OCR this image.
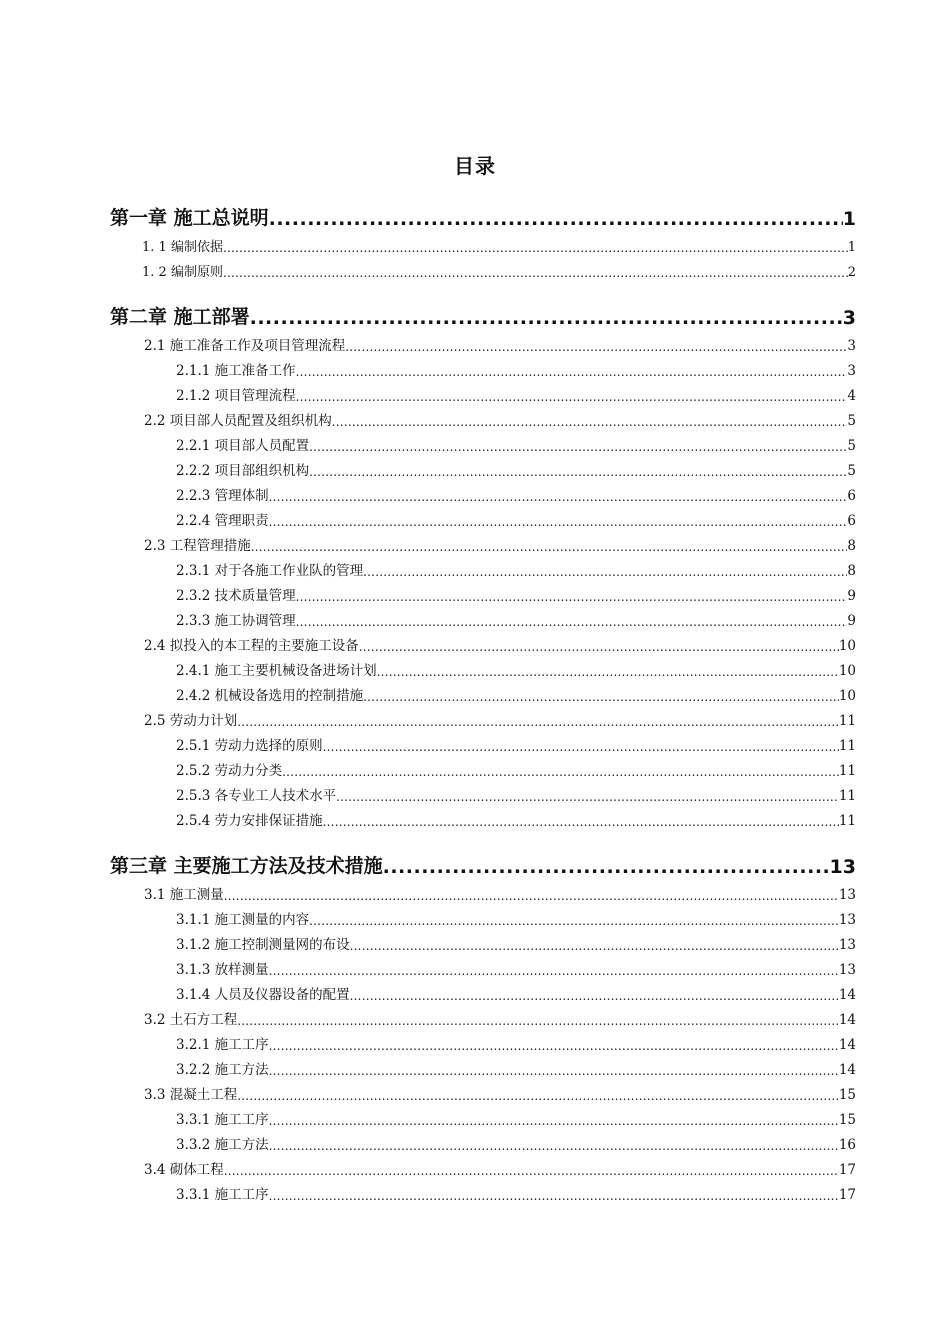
目录
第一章 施工总说明 .....	1
1. 1 编制依据 .....	1
1. 2 编制原则 .....	2
第二章 施工部署 .....	3
2.1 施工准备工作及项目管理流程 .....	3
2.1.1 施工准备工作 .....	3
2.1.2 项目管理流程 .....	4
2.2 项目部人员配置及组织机构 .....	5
2.2.1 项目部人员配置 .....	5
2.2.2 项目部组织机构 .....	5
2.2.3 管理体制 .....	6
2.2.4 管理职责 .....	6
2.3 工程管理措施 .....	8
2.3.1 对于各施工作业队的管理 .....	8
2.3.2 技术质量管理 .....	9
2.3.3 施工协调管理 .....	9
2.4 拟投入的本工程的主要施工设备 .....	10
2.4.1 施工主要机械设备进场计划 .....	10
2.4.2 机械设备选用的控制措施 .....	10
2.5 劳动力计划 .....	11
2.5.1 劳动力选择的原则 .....	11
2.5.2 劳动力分类 .....	11
2.5.3 各专业工人技术水平 .....	11
2.5.4 劳力安排保证措施 .....	11
第三章 主要施工方法及技术措施 .....	13
3.1 施工测量 .....	13
3.1.1 施工测量的内容 .....	13
3.1.2 施工控制测量网的布设 .....	13
3.1.3 放样测量 .....	13
3.1.4 人员及仪器设备的配置 .....	14
3.2 土石方工程 .....	14
3.2.1 施工工序 .....	14
3.2.2 施工方法 .....	14
3.3 混凝土工程 .....	15
3.3.1 施工工序 .....	15
3.3.2 施工方法 .....	16
3.4 砌体工程 .....	17
3.3.1 施工工序 .....	17
